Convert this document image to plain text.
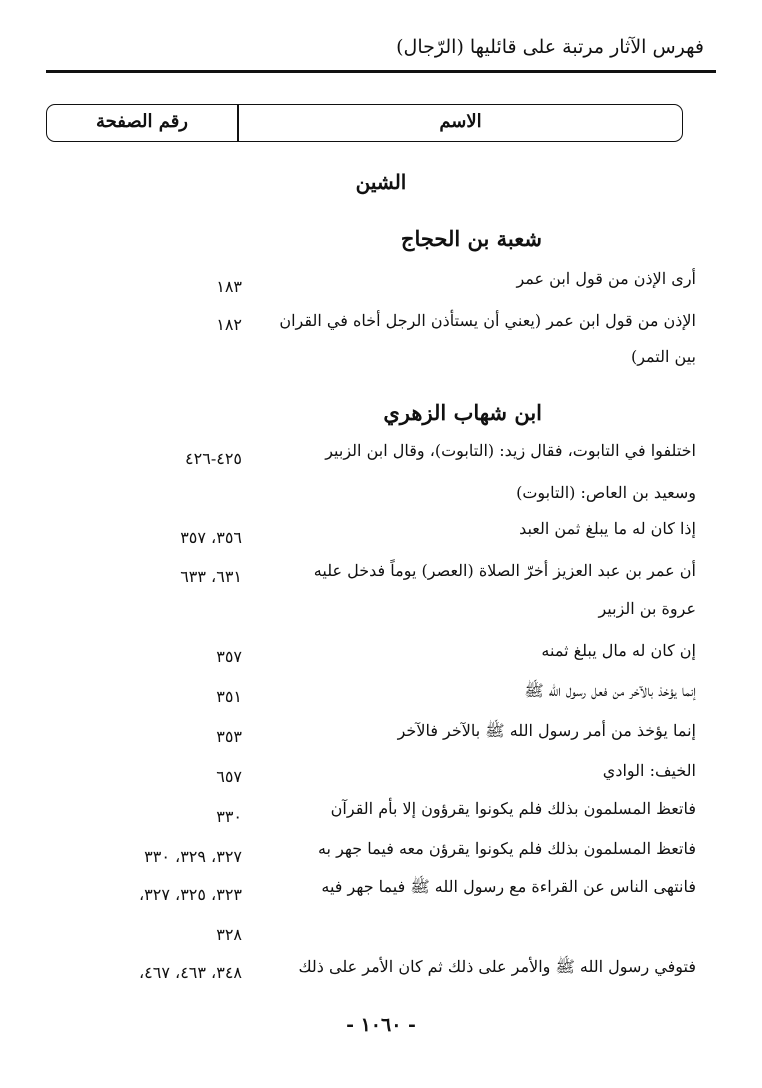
فهرس الآثار مرتبة على قائليها (الرّجال)
الاسم
رقم الصفحة
الشين
شعبة بن الحجاج
أرى الإذن من قول ابن عمر
١٨٣
الإذن من قول ابن عمر (يعني أن يستأذن الرجل أخاه في القران
١٨٢
بين التمر)
ابن شهاب الزهري
اختلفوا في التابوت، فقال زيد: (التابوت)، وقال ابن الزبير
٤٢٥-٤٢٦
وسعيد بن العاص: (التابوت)
إذا كان له ما يبلغ ثمن العبد
٣٥٦، ٣٥٧
أن عمر بن عبد العزيز أخرّ الصلاة (العصر) يوماً فدخل عليه
٦٣١، ٦٣٣
عروة بن الزبير
إن كان له مال يبلغ ثمنه
٣٥٧
إنما يؤخذ بالآخر من فعل رسول الله ﷺ
٣٥١
إنما يؤخذ من أمر رسول الله ﷺ بالآخر فالآخر
٣٥٣
الخيف: الوادي
٦٥٧
فاتعظ المسلمون بذلك فلم يكونوا يقرؤون إلا بأم القرآن
٣٣٠
فاتعظ المسلمون بذلك فلم يكونوا يقرؤن معه فيما جهر به
٣٢٧، ٣٢٩، ٣٣٠
فانتهى الناس عن القراءة مع رسول الله ﷺ فيما جهر فيه
٣٢٣، ٣٢٥، ٣٢٧،
٣٢٨
فتوفي رسول الله ﷺ والأمر على ذلك ثم كان الأمر على ذلك
٣٤٨، ٤٦٣، ٤٦٧،
- ١٠٦٠ -
